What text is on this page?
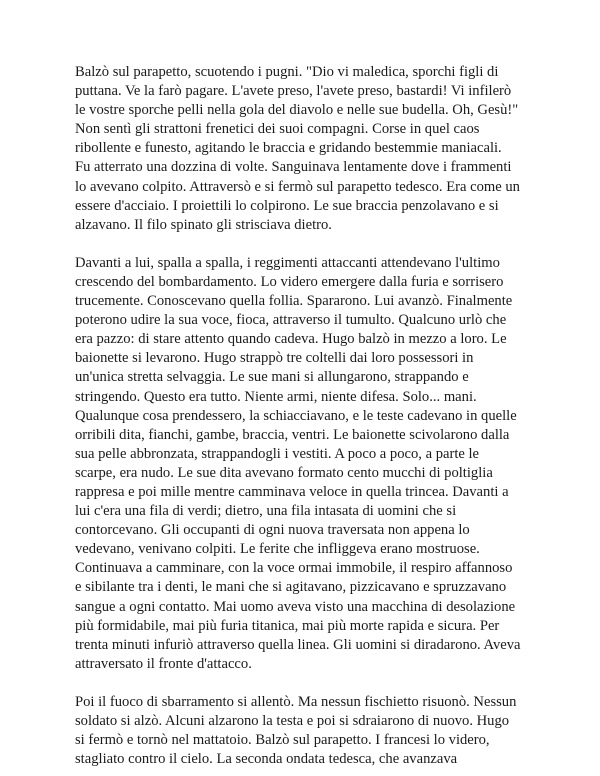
Balzò sul parapetto, scuotendo i pugni. "Dio vi maledica, sporchi figli di
puttana. Ve la farò pagare. L'avete preso, l'avete preso, bastardi! Vi infilerò
le vostre sporche pelli nella gola del diavolo e nelle sue budella. Oh, Gesù!"
Non sentì gli strattoni frenetici dei suoi compagni. Corse in quel caos
ribollente e funesto, agitando le braccia e gridando bestemmie maniacali.
Fu atterrato una dozzina di volte. Sanguinava lentamente dove i frammenti
lo avevano colpito. Attraversò e si fermò sul parapetto tedesco. Era come un
essere d'acciaio. I proiettili lo colpirono. Le sue braccia penzolavano e si
alzavano. Il filo spinato gli strisciava dietro.

Davanti a lui, spalla a spalla, i reggimenti attaccanti attendevano l'ultimo
crescendo del bombardamento. Lo videro emergere dalla furia e sorrisero
trucemente. Conoscevano quella follia. Spararono. Lui avanzò. Finalmente
poterono udire la sua voce, fioca, attraverso il tumulto. Qualcuno urlò che
era pazzo: di stare attento quando cadeva. Hugo balzò in mezzo a loro. Le
baionette si levarono. Hugo strappò tre coltelli dai loro possessori in
un'unica stretta selvaggia. Le sue mani si allungarono, strappando e
stringendo. Questo era tutto. Niente armi, niente difesa. Solo... mani.
Qualunque cosa prendessero, la schiacciavano, e le teste cadevano in quelle
orribili dita, fianchi, gambe, braccia, ventri. Le baionette scivolarono dalla
sua pelle abbronzata, strappandogli i vestiti. A poco a poco, a parte le
scarpe, era nudo. Le sue dita avevano formato cento mucchi di poltiglia
rappresa e poi mille mentre camminava veloce in quella trincea. Davanti a
lui c'era una fila di verdi; dietro, una fila intasata di uomini che si
contorcevano. Gli occupanti di ogni nuova traversata non appena lo
vedevano, venivano colpiti. Le ferite che infliggeva erano mostruose.
Continuava a camminare, con la voce ormai immobile, il respiro affannoso
e sibilante tra i denti, le mani che si agitavano, pizzicavano e spruzzavano
sangue a ogni contatto. Mai uomo aveva visto una macchina di desolazione
più formidabile, mai più furia titanica, mai più morte rapida e sicura. Per
trenta minuti infuriò attraverso quella linea. Gli uomini si diradarono. Aveva
attraversato il fronte d'attacco.

Poi il fuoco di sbarramento si allentò. Ma nessun fischietto risuonò. Nessun
soldato si alzò. Alcuni alzarono la testa e poi si sdraiarono di nuovo. Hugo
si fermò e tornò nel mattatoio. Balzò sul parapetto. I francesi lo videro,
stagliato contro il cielo. La seconda ondata tedesca, che avanzava
